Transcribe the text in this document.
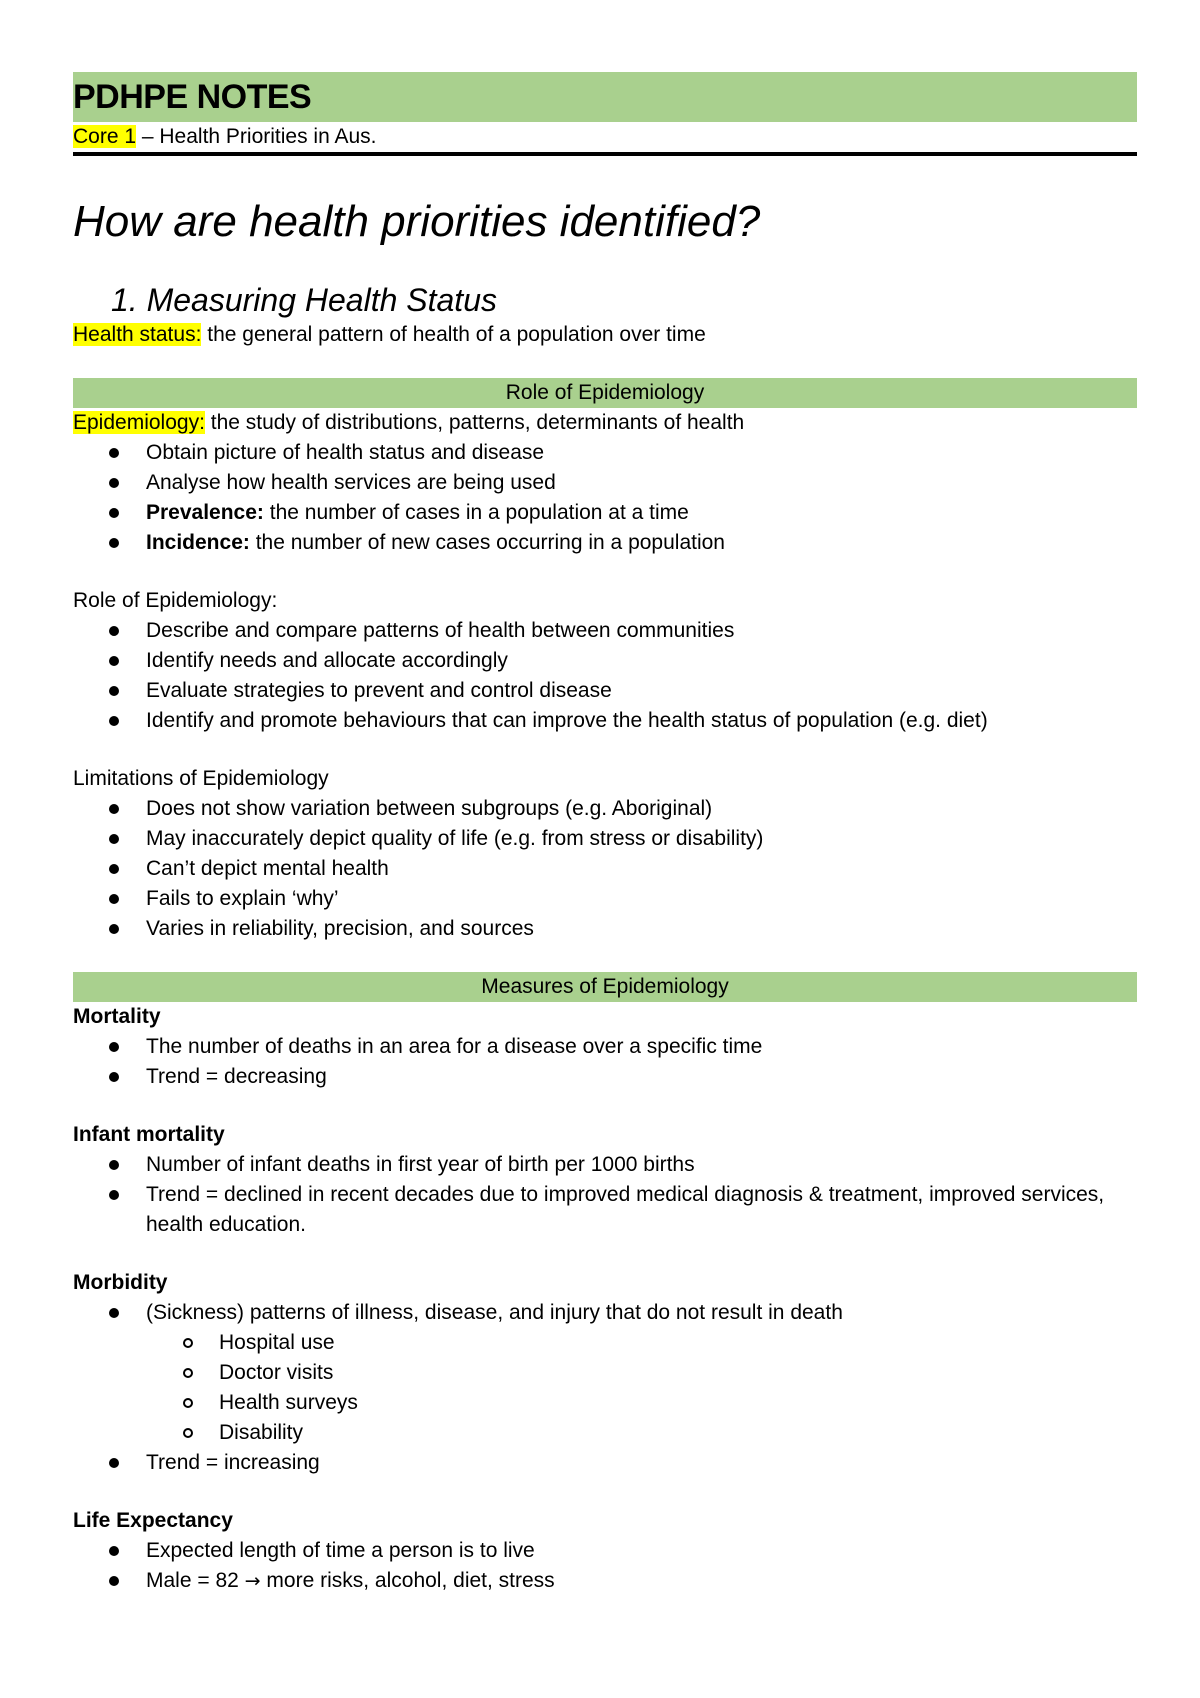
PDHPE NOTES
Core 1 – Health Priorities in Aus.
How are health priorities identified?
1. Measuring Health Status
Health status: the general pattern of health of a population over time
Role of Epidemiology
Epidemiology: the study of distributions, patterns, determinants of health
Obtain picture of health status and disease
Analyse how health services are being used
Prevalence: the number of cases in a population at a time
Incidence: the number of new cases occurring in a population
Role of Epidemiology:
Describe and compare patterns of health between communities
Identify needs and allocate accordingly
Evaluate strategies to prevent and control disease
Identify and promote behaviours that can improve the health status of population (e.g. diet)
Limitations of Epidemiology
Does not show variation between subgroups (e.g. Aboriginal)
May inaccurately depict quality of life (e.g. from stress or disability)
Can’t depict mental health
Fails to explain ‘why’
Varies in reliability, precision, and sources
Measures of Epidemiology
Mortality
The number of deaths in an area for a disease over a specific time
Trend = decreasing
Infant mortality
Number of infant deaths in first year of birth per 1000 births
Trend = declined in recent decades due to improved medical diagnosis & treatment, improved services, health education.
Morbidity
(Sickness) patterns of illness, disease, and injury that do not result in death
Hospital use
Doctor visits
Health surveys
Disability
Trend = increasing
Life Expectancy
Expected length of time a person is to live
Male = 82 → more risks, alcohol, diet, stress
